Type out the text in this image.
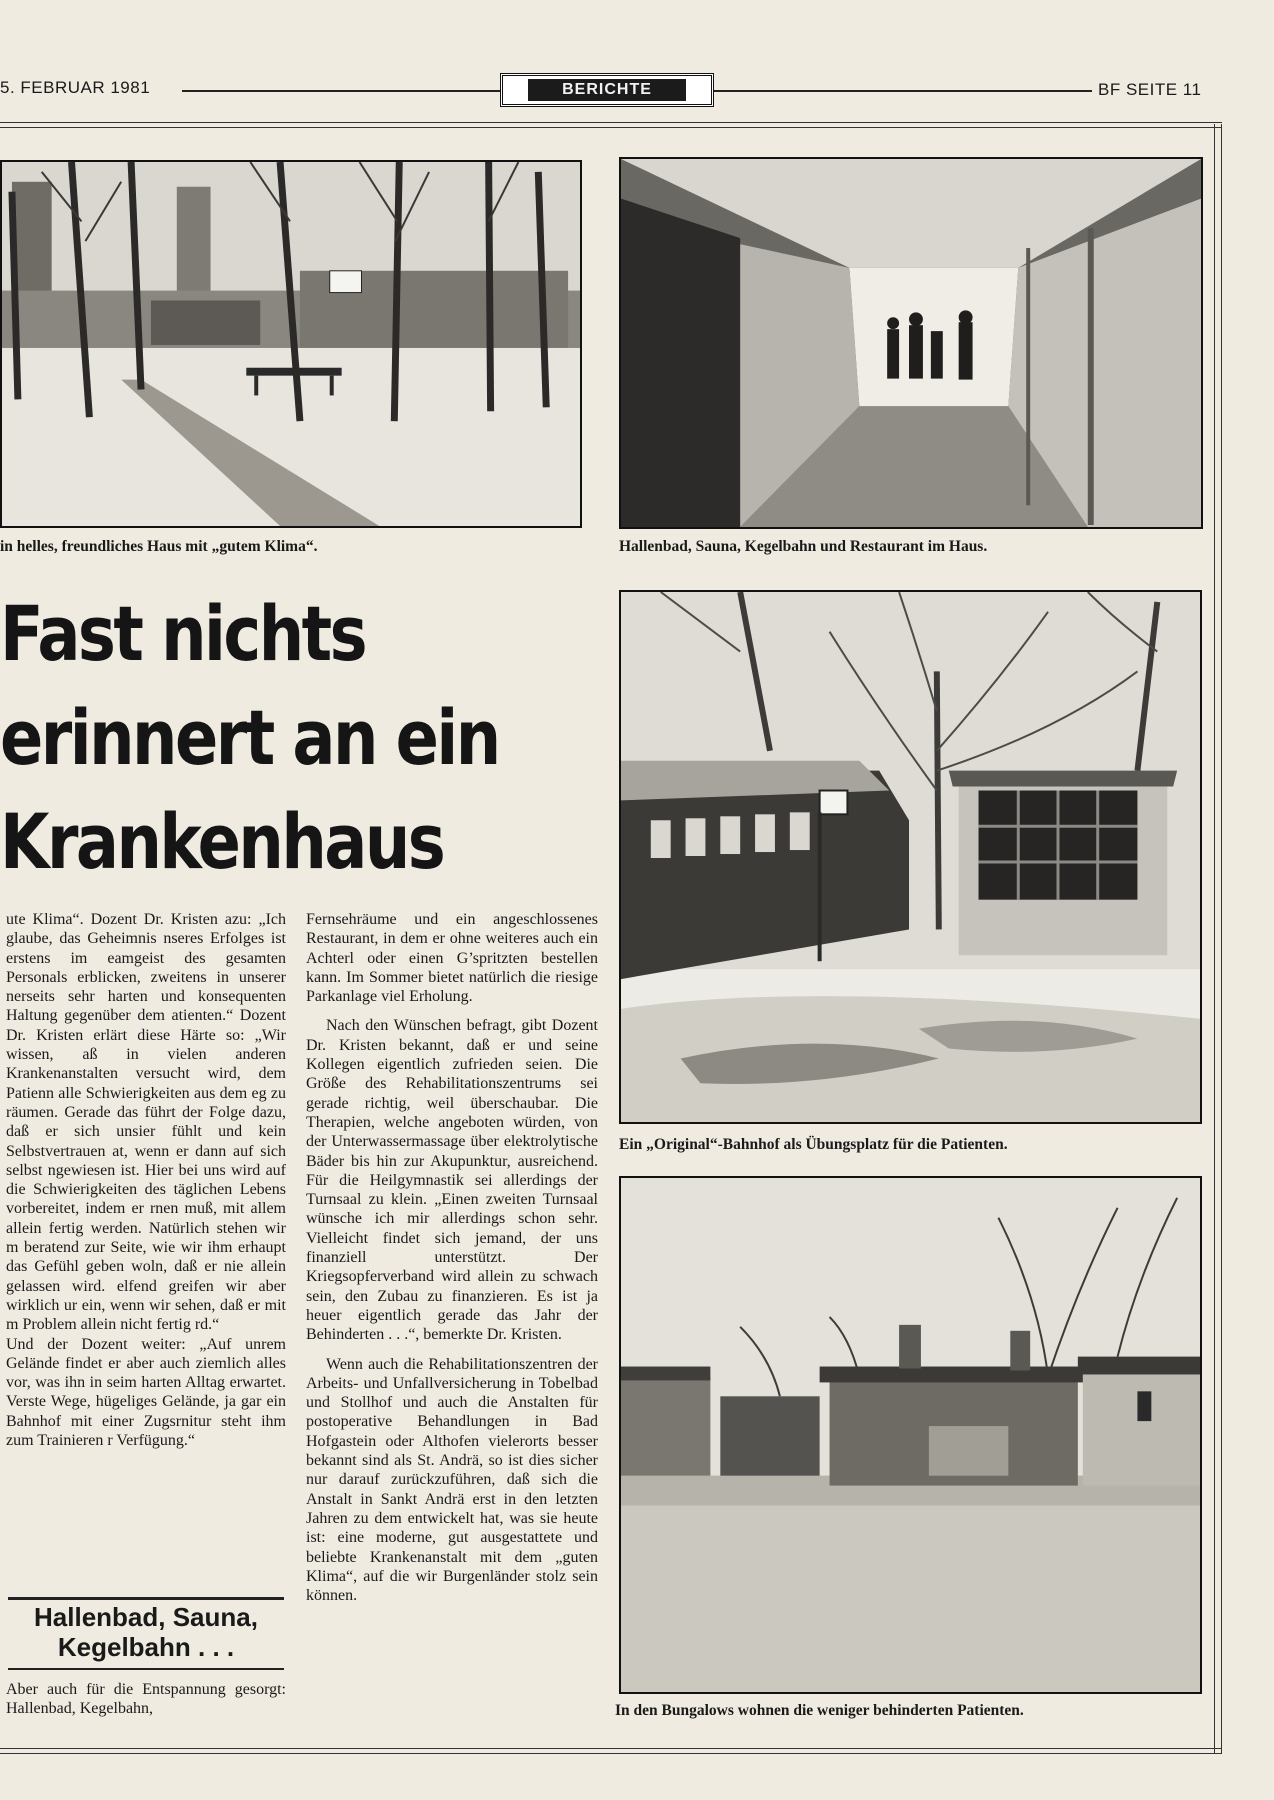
5. FEBRUAR 1981	BERICHTE	BF SEITE 11
in helles, freundliches Haus mit „gutem Klima“.	Hallenbad, Sauna, Kegelbahn und Restaurant im Haus.
Fast nichts
erinnert an ein
Krankenhaus
Ein „Original“-Bahnhof als Übungsplatz für die Patienten.
In den Bungalows wohnen die weniger behinderten Patienten.

ute Klima“. Dozent Dr. Kristen azu: „Ich glaube, das Geheimnis nseres Erfolges ist erstens im eamgeist des gesamten Personals erblicken, zweitens in unserer nerseits sehr harten und konsequenten Haltung gegenüber dem atienten.“ Dozent Dr. Kristen erlärt diese Härte so: „Wir wissen, aß in vielen anderen Krankenanstalten versucht wird, dem Patienn alle Schwierigkeiten aus dem eg zu räumen. Gerade das führt der Folge dazu, daß er sich unsier fühlt und kein Selbstvertrauen at, wenn er dann auf sich selbst ngewiesen ist. Hier bei uns wird auf die Schwierigkeiten des täglichen Lebens vorbereitet, indem er rnen muß, mit allem allein fertig werden. Natürlich stehen wir m beratend zur Seite, wie wir ihm erhaupt das Gefühl geben woln, daß er nie allein gelassen wird. elfend greifen wir aber wirklich ur ein, wenn wir sehen, daß er mit m Problem allein nicht fertig rd.“

Und der Dozent weiter: „Auf unrem Gelände findet er aber auch ziemlich alles vor, was ihn in seim harten Alltag erwartet. Verste Wege, hügeliges Gelände, ja gar ein Bahnhof mit einer Zugsrnitur steht ihm zum Trainieren r Verfügung.“

Hallenbad, Sauna,
Kegelbahn . . .

Aber auch für die Entspannung gesorgt: Hallenbad, Kegelbahn,

Fernsehräume und ein angeschlossenes Restaurant, in dem er ohne weiteres auch ein Achterl oder einen G’spritzten bestellen kann. Im Sommer bietet natürlich die riesige Parkanlage viel Erholung.

Nach den Wünschen befragt, gibt Dozent Dr. Kristen bekannt, daß er und seine Kollegen eigentlich zufrieden seien. Die Größe des Rehabilitationszentrums sei gerade richtig, weil überschaubar. Die Therapien, welche angeboten würden, von der Unterwassermassage über elektrolytische Bäder bis hin zur Akupunktur, ausreichend. Für die Heilgymnastik sei allerdings der Turnsaal zu klein. „Einen zweiten Turnsaal wünsche ich mir allerdings schon sehr. Vielleicht findet sich jemand, der uns finanziell unterstützt. Der Kriegsopferverband wird allein zu schwach sein, den Zubau zu finanzieren. Es ist ja heuer eigentlich gerade das Jahr der Behinderten . . .“, bemerkte Dr. Kristen.

Wenn auch die Rehabilitationszentren der Arbeits- und Unfallversicherung in Tobelbad und Stollhof und auch die Anstalten für postoperative Behandlungen in Bad Hofgastein oder Althofen vielerorts besser bekannt sind als St. Andrä, so ist dies sicher nur darauf zurückzuführen, daß sich die Anstalt in Sankt Andrä erst in den letzten Jahren zu dem entwickelt hat, was sie heute ist: eine moderne, gut ausgestattete und beliebte Krankenanstalt mit dem „guten Klima“, auf die wir Burgenländer stolz sein können.
